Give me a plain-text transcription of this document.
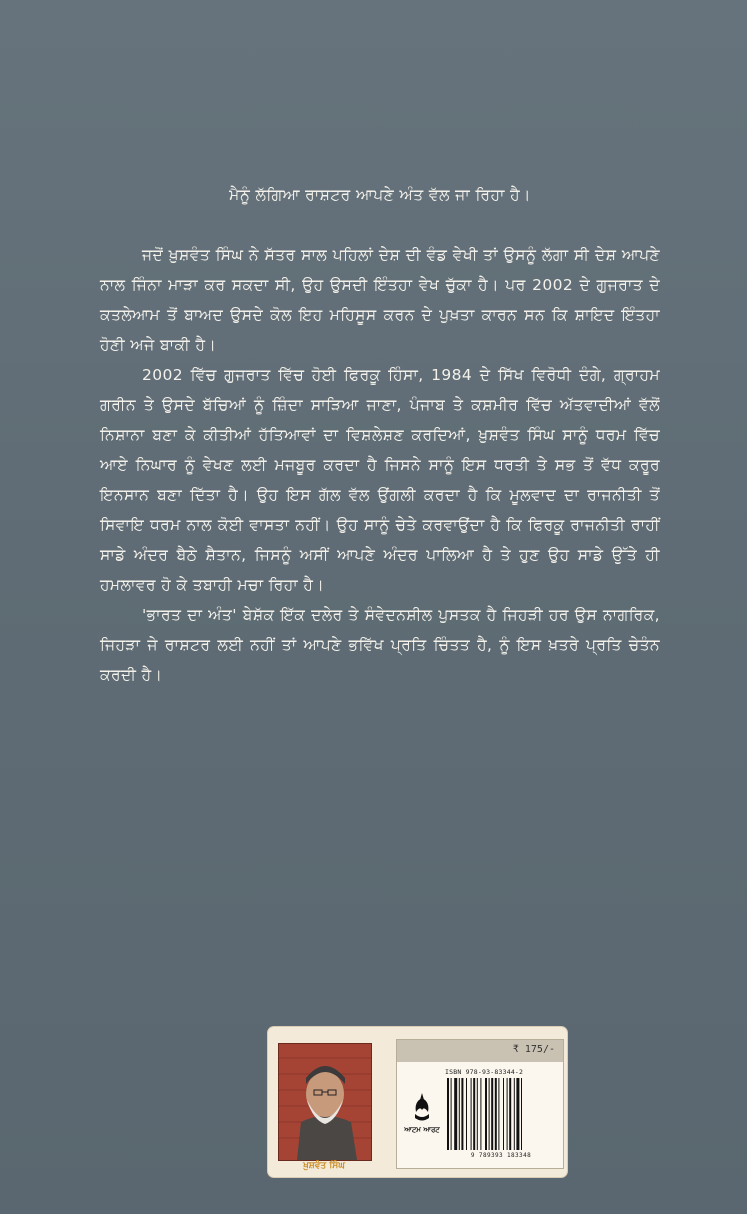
ਮੈਨੂੰ ਲੱਗਿਆ ਰਾਸ਼ਟਰ ਆਪਣੇ ਅੰਤ ਵੱਲ ਜਾ ਰਿਹਾ ਹੈ।

ਜਦੋਂ ਖ਼ੁਸ਼ਵੰਤ ਸਿੰਘ ਨੇ ਸੱਤਰ ਸਾਲ ਪਹਿਲਾਂ ਦੇਸ਼ ਦੀ ਵੰਡ ਵੇਖੀ ਤਾਂ ਉਸਨੂੰ ਲੱਗਾ ਸੀ ਦੇਸ਼ ਆਪਣੇ ਨਾਲ ਜਿੰਨਾ ਮਾੜਾ ਕਰ ਸਕਦਾ ਸੀ, ਉਹ ਉਸਦੀ ਇੰਤਹਾ ਵੇਖ ਚੁੱਕਾ ਹੈ। ਪਰ 2002 ਦੇ ਗੁਜਰਾਤ ਦੇ ਕਤਲੇਆਮ ਤੋਂ ਬਾਅਦ ਉਸਦੇ ਕੋਲ ਇਹ ਮਹਿਸੂਸ ਕਰਨ ਦੇ ਪੁਖ਼ਤਾ ਕਾਰਨ ਸਨ ਕਿ ਸ਼ਾਇਦ ਇੰਤਹਾ ਹੋਣੀ ਅਜੇ ਬਾਕੀ ਹੈ।

2002 ਵਿੱਚ ਗੁਜਰਾਤ ਵਿੱਚ ਹੋਈ ਫਿਰਕੂ ਹਿੰਸਾ, 1984 ਦੇ ਸਿੱਖ ਵਿਰੋਧੀ ਦੰਗੇ, ਗ੍ਰਾਹਮ ਗਰੀਨ ਤੇ ਉਸਦੇ ਬੱਚਿਆਂ ਨੂੰ ਜ਼ਿੰਦਾ ਸਾੜਿਆ ਜਾਣਾ, ਪੰਜਾਬ ਤੇ ਕਸ਼ਮੀਰ ਵਿੱਚ ਅੱਤਵਾਦੀਆਂ ਵੱਲੋਂ ਨਿਸ਼ਾਨਾ ਬਣਾ ਕੇ ਕੀਤੀਆਂ ਹੱਤਿਆਵਾਂ ਦਾ ਵਿਸ਼ਲੇਸ਼ਣ ਕਰਦਿਆਂ, ਖ਼ੁਸ਼ਵੰਤ ਸਿੰਘ ਸਾਨੂੰ ਧਰਮ ਵਿੱਚ ਆਏ ਨਿਘਾਰ ਨੂੰ ਵੇਖਣ ਲਈ ਮਜਬੂਰ ਕਰਦਾ ਹੈ ਜਿਸਨੇ ਸਾਨੂੰ ਇਸ ਧਰਤੀ ਤੇ ਸਭ ਤੋਂ ਵੱਧ ਕਰੂਰ ਇਨਸਾਨ ਬਣਾ ਦਿੱਤਾ ਹੈ। ਉਹ ਇਸ ਗੱਲ ਵੱਲ ਉਂਗਲੀ ਕਰਦਾ ਹੈ ਕਿ ਮੂਲਵਾਦ ਦਾ ਰਾਜਨੀਤੀ ਤੋਂ ਸਿਵਾਇ ਧਰਮ ਨਾਲ ਕੋਈ ਵਾਸਤਾ ਨਹੀਂ। ਉਹ ਸਾਨੂੰ ਚੇਤੇ ਕਰਵਾਉਂਦਾ ਹੈ ਕਿ ਫਿਰਕੂ ਰਾਜਨੀਤੀ ਰਾਹੀਂ ਸਾਡੇ ਅੰਦਰ ਬੈਠੇ ਸ਼ੈਤਾਨ, ਜਿਸਨੂੰ ਅਸੀਂ ਆਪਣੇ ਅੰਦਰ ਪਾਲਿਆ ਹੈ ਤੇ ਹੁਣ ਉਹ ਸਾਡੇ ਉੱਤੇ ਹੀ ਹਮਲਾਵਰ ਹੋ ਕੇ ਤਬਾਹੀ ਮਚਾ ਰਿਹਾ ਹੈ।

'ਭਾਰਤ ਦਾ ਅੰਤ' ਬੇਸ਼ੱਕ ਇੱਕ ਦਲੇਰ ਤੇ ਸੰਵੇਦਨਸ਼ੀਲ ਪੁਸਤਕ ਹੈ ਜਿਹੜੀ ਹਰ ਉਸ ਨਾਗਰਿਕ, ਜਿਹੜਾ ਜੇ ਰਾਸ਼ਟਰ ਲਈ ਨਹੀਂ ਤਾਂ ਆਪਣੇ ਭਵਿੱਖ ਪ੍ਰਤਿ ਚਿੰਤਤ ਹੈ, ਨੂੰ ਇਸ ਖ਼ਤਰੇ ਪ੍ਰਤਿ ਚੇਤੰਨ ਕਰਦੀ ਹੈ।

ਖ਼ੁਸ਼ਵੰਤ ਸਿੰਘ
₹ 175/-
ਆਟਮ ਆਰਟ
ISBN 978-93-83344-2
9 789393 183348
